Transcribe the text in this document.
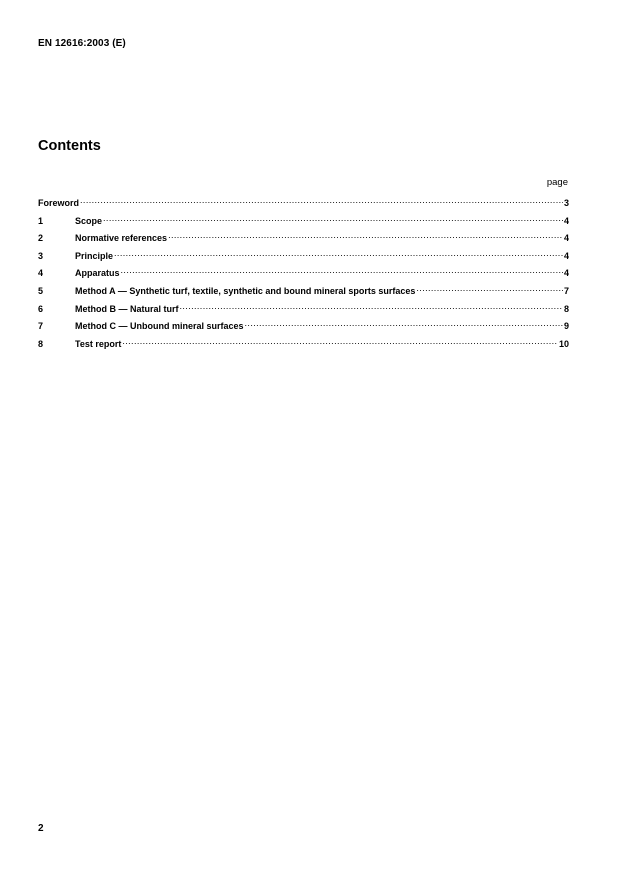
EN 12616:2003 (E)
Contents
page
Foreword .....	3
1	Scope .....	4
2	Normative references .....	4
3	Principle .....	4
4	Apparatus .....	4
5	Method A — Synthetic turf, textile, synthetic and bound mineral sports surfaces .....	7
6	Method B — Natural turf .....	8
7	Method C — Unbound mineral surfaces .....	9
8	Test report .....	10
2
